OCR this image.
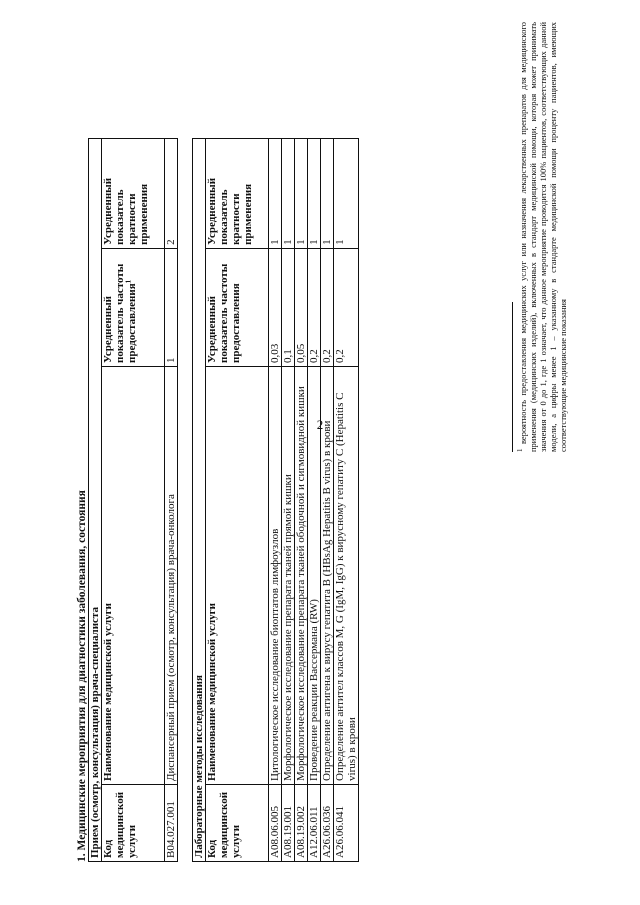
2
1. Медицинские мероприятия для диагностики заболевания, состояния Прием (осмотр, консультация) врача-специалиста			
Код медицинской услуги	Наименование медицинской услуги	Усредненный показатель частоты предоставления$^1$	Усредненный показатель кратности применения
B04.027.001	Диспансерный прием (осмотр, консультация) врача-онколога	1	2
Лабораторные методы исследования			
Код медицинской услуги	Наименование медицинской услуги	Усредненный показатель частоты предоставления	Усредненный показатель кратности применения
A08.06.005	Цитологическое исследование биоптатов лимфоузлов	0,03	1
A08.19.001	Морфологическое исследование препарата тканей прямой кишки	0,1	1
A08.19.002	Морфологическое исследование препарата тканей ободочной и сигмовидной кишки	0,05	1
A12.06.011	Проведение реакции Вассермана (RW)	0,2	1
A26.06.036	Определение антигена к вирусу гепатита B (HBsAg Hepatitis B virus) в крови	0,2	1
A26.06.041	Определение антител классов M, G (IgM, IgG) к вирусному гепатиту C (Hepatitis C virus) в крови	0,2	1
$^1$ вероятность предоставления медицинских услуг или назначения лекарственных препаратов для медицинского применения (медицинских изделий), включенных в стандарт медицинской помощи, которая может принимать значения от 0 до 1, где 1 означает, что данное мероприятие проводится 100% пациентов, соответствующих данной модели, а цифры менее 1 – указанному в стандарте медицинской помощи проценту пациентов, имеющих соответствующие медицинские показания
